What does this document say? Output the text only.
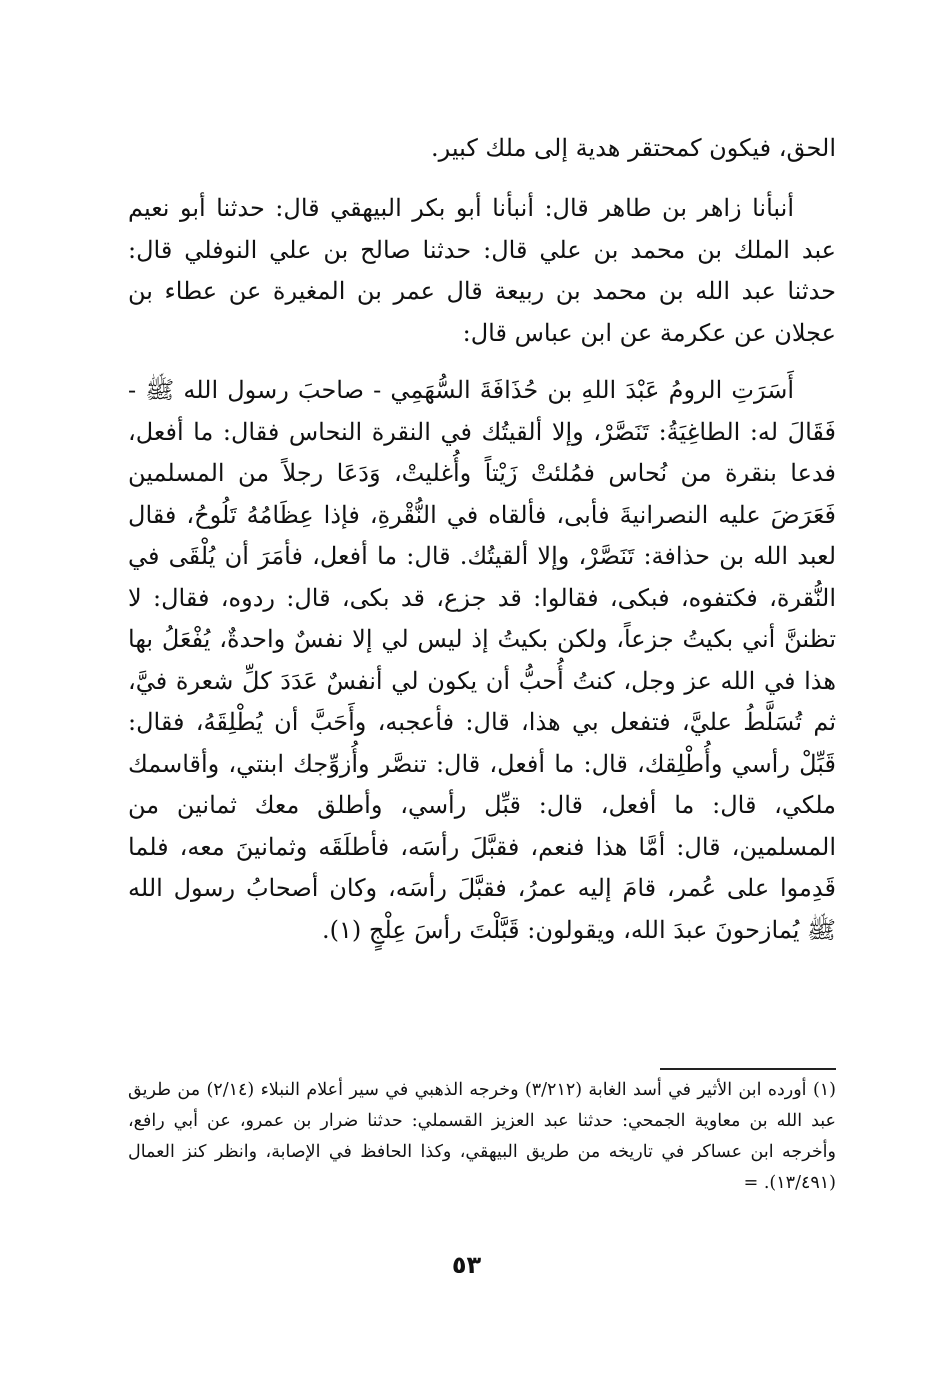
الحق، فيكون كمحتقر هدية إلى ملك كبير.

أنبأنا زاهر بن طاهر قال: أنبأنا أبو بكر البيهقي قال: حدثنا أبو نعيم عبد الملك بن محمد بن علي قال: حدثنا صالح بن علي النوفلي قال: حدثنا عبد الله بن محمد بن ربيعة قال عمر بن المغيرة عن عطاء بن عجلان عن عكرمة عن ابن عباس قال:

أَسَرَتِ الرومُ عَبْدَ اللهِ بن حُذَافَةَ السُّهَمِي - صاحبَ رسول الله ﷺ - فَقَالَ له: الطاغِيَةُ: تَنَصَّرْ، وإلا ألقيتُك في النقرة النحاس فقال: ما أفعل، فدعا بنقرة من نُحاس فمُلئتْ زَيْتاً وأُغليتْ، وَدَعَا رجلاً من المسلمين فَعَرَضَ عليه النصرانيةَ فأبى، فألقاه في النُّقْرةِ، فإذا عِظَامُهُ تَلُوحُ، فقال لعبد الله بن حذافة: تَنَصَّرْ، وإلا ألقيتُك. قال: ما أفعل، فأمَرَ أن يُلْقَى في النُّقرة، فكتفوه، فبكى، فقالوا: قد جزع، قد بكى، قال: ردوه، فقال: لا تظننَّ أني بكيتُ جزعاً، ولكن بكيتُ إذ ليس لي إلا نفسٌ واحدةٌ، يُفْعَلُ بها هذا في الله عز وجل، كنتُ أُحبُّ أن يكون لي أنفسٌ عَدَدَ كلِّ شعرة فيَّ، ثم تُسَلَّطُ عليَّ، فتفعل بي هذا، قال: فأعجبه، وأَحَبَّ أن يُطْلِقَهُ، فقال: قَبِّلْ رأسي وأُطْلِقك، قال: ما أفعل، قال: تنصَّر وأُزوِّجك ابنتي، وأقاسمك ملكي، قال: ما أفعل، قال: قبِّل رأسي، وأطلق معك ثمانين من المسلمين، قال: أمَّا هذا فنعم، فقبَّلَ رأسَه، فأطلَقَه وثمانينَ معه، فلما قَدِموا على عُمر، قامَ إليه عمرُ، فقبَّلَ رأسَه، وكان أصحابُ رسول الله ﷺ يُمازحونَ عبدَ الله، ويقولون: قَبَّلْتَ رأسَ عِلْجٍ (١).

(١) أورده ابن الأثير في أسد الغابة (٣/٢١٢) وخرجه الذهبي في سير أعلام النبلاء (٢/١٤) من طريق عبد الله بن معاوية الجمحي: حدثنا عبد العزيز القسملي: حدثنا ضرار بن عمرو، عن أبي رافع، وأخرجه ابن عساكر في تاريخه من طريق البيهقي، وكذا الحافظ في الإصابة، وانظر كنز العمال (١٣/٤٩١). =

٥٣
